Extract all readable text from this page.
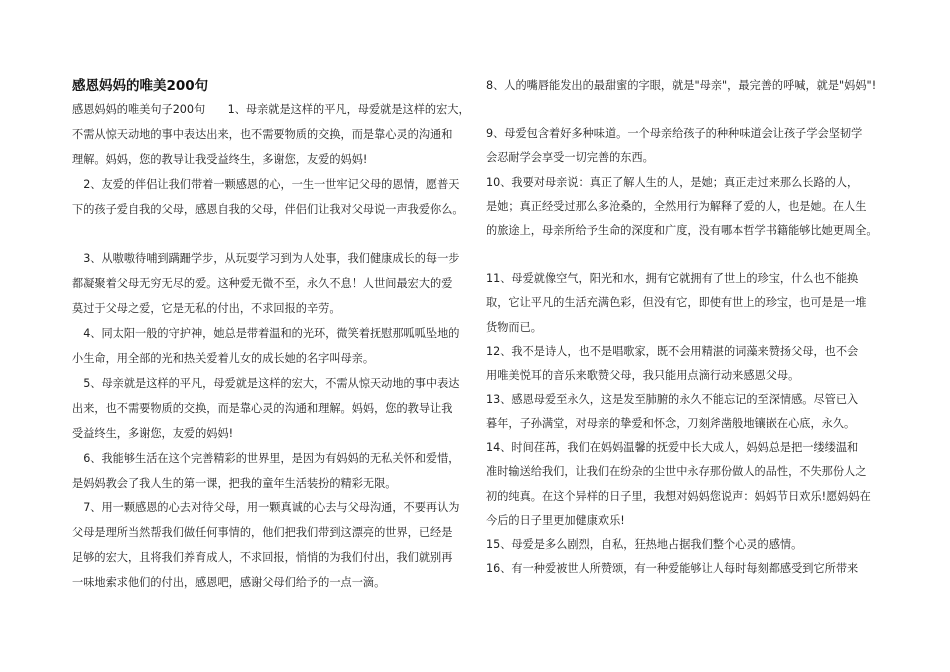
感恩妈妈的唯美200句
感恩妈妈的唯美句子200句　　1、母亲就是这样的平凡，母爱就是这样的宏大，
不需从惊天动地的事中表达出来，也不需要物质的交换，而是靠心灵的沟通和
理解。妈妈，您的教导让我受益终生，多谢您，友爱的妈妈!
　2、友爱的伴侣让我们带着一颗感恩的心，一生一世牢记父母的恩情，愿普天
下的孩子爱自我的父母，感恩自我的父母，伴侣们让我对父母说一声我爱你么。
　3、从嗷嗷待哺到蹒跚学步，从玩耍学习到为人处事，我们健康成长的每一步
都凝聚着父母无穷无尽的爱。这种爱无微不至，永久不息！人世间最宏大的爱
莫过于父母之爱，它是无私的付出，不求回报的辛劳。
　4、同太阳一般的守护神，她总是带着温和的光环，微笑着抚慰那呱呱坠地的
小生命，用全部的光和热关爱着儿女的成长她的名字叫母亲。
　5、母亲就是这样的平凡，母爱就是这样的宏大，不需从惊天动地的事中表达
出来，也不需要物质的交换，而是靠心灵的沟通和理解。妈妈，您的教导让我
受益终生，多谢您，友爱的妈妈!
　6、我能够生活在这个完善精彩的世界里，是因为有妈妈的无私关怀和爱惜，
是妈妈教会了我人生的第一课，把我的童年生活装扮的精彩无限。
　7、用一颗感恩的心去对待父母，用一颗真诚的心去与父母沟通，不要再认为
父母是理所当然帮我们做任何事情的，他们把我们带到这漂亮的世界，已经是
足够的宏大，且将我们养育成人，不求回报，悄悄的为我们付出，我们就别再
一味地索求他们的付出，感恩吧，感谢父母们给予的一点一滴。
8、人的嘴唇能发出的最甜蜜的字眼，就是"母亲"，最完善的呼喊，就是"妈妈"!
9、母爱包含着好多种味道。一个母亲给孩子的种种味道会让孩子学会坚韧学
会忍耐学会享受一切完善的东西。
10、我要对母亲说：真正了解人生的人，是她；真正走过来那么长路的人，
是她；真正经受过那么多沧桑的，全然用行为解释了爱的人，也是她。在人生
的旅途上，母亲所给予生命的深度和广度，没有哪本哲学书籍能够比她更周全。
11、母爱就像空气，阳光和水，拥有它就拥有了世上的珍宝，什么也不能换
取，它让平凡的生活充满色彩，但没有它，即使有世上的珍宝，也可是是一堆
货物而已。
12、我不是诗人，也不是唱歌家，既不会用精湛的词藻来赞扬父母，也不会
用唯美悦耳的音乐来歌赞父母，我只能用点滴行动来感恩父母。
13、感恩母爱至永久，这是发至肺腑的永久不能忘记的至深情感。尽管已入
暮年，子孙满堂，对母亲的挚爱和怀念，刀刻斧凿般地镶嵌在心底，永久。
14、时间荏苒，我们在妈妈温馨的抚爱中长大成人，妈妈总是把一缕缕温和
准时输送给我们，让我们在纷杂的尘世中永存那份做人的品性，不失那份人之
初的纯真。在这个异样的日子里，我想对妈妈您说声：妈妈节日欢乐!愿妈妈在
今后的日子里更加健康欢乐!
15、母爱是多么剧烈，自私，狂热地占据我们整个心灵的感情。
16、有一种爱被世人所赞颂，有一种爱能够让人每时每刻都感受到它所带来
